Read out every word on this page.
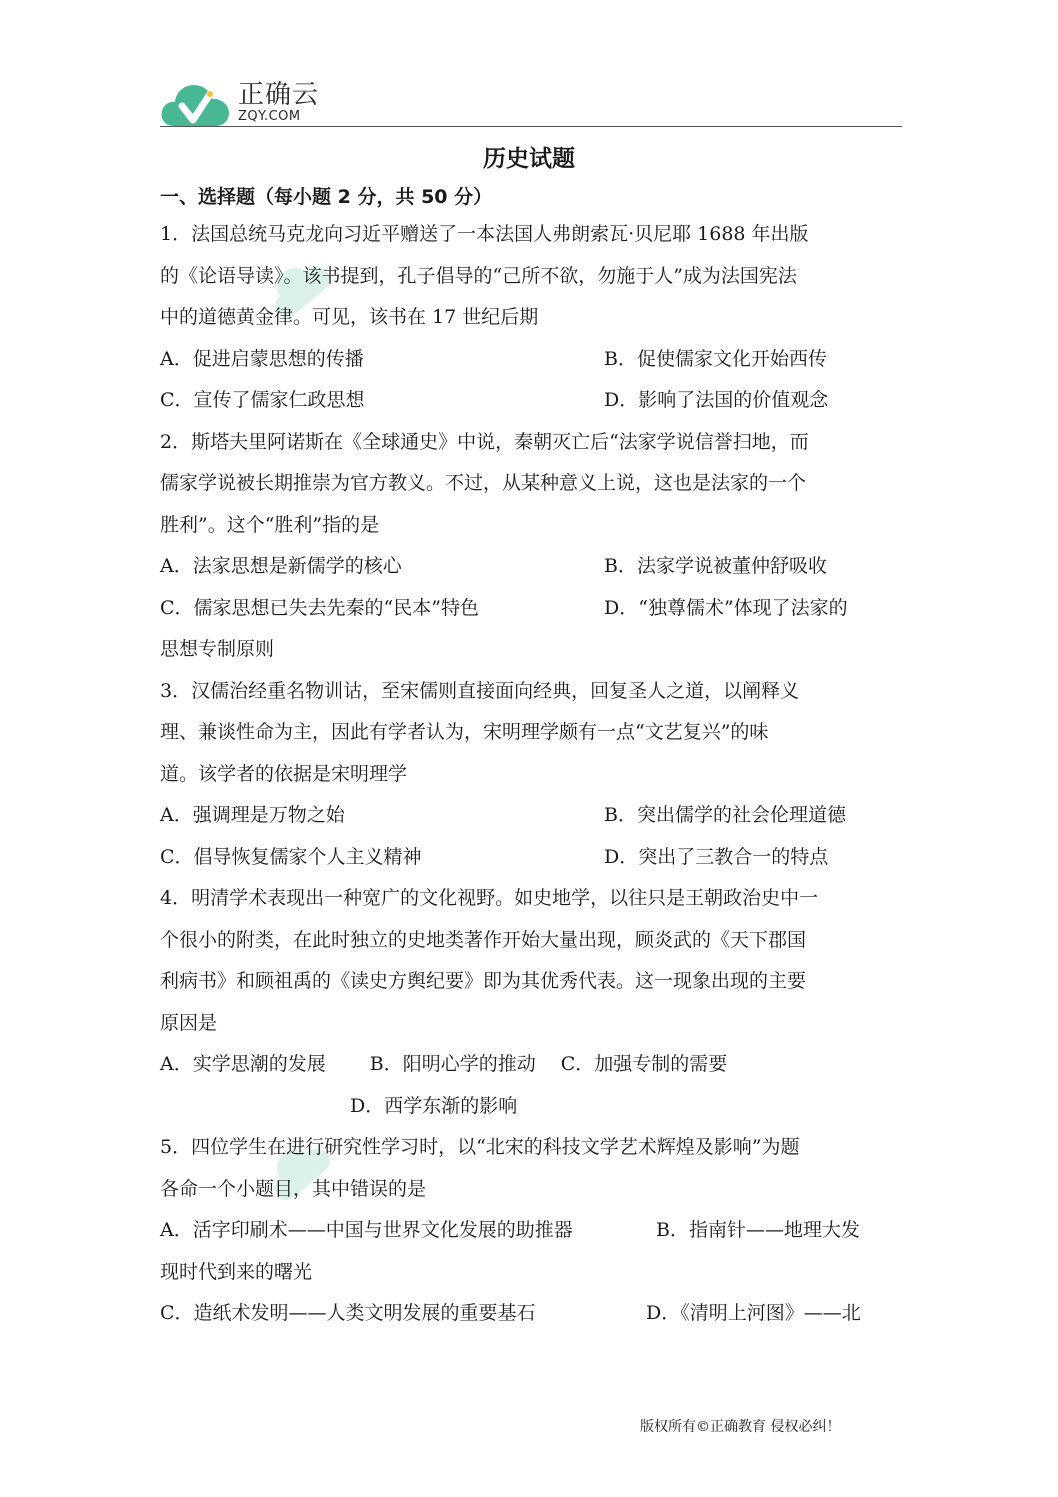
正确云
ZQY.COM
历史试题
一、选择题（每小题 2 分，共 50 分）
1．法国总统马克龙向习近平赠送了一本法国人弗朗索瓦·贝尼耶 1688 年出版
的《论语导读》。该书提到，孔子倡导的“己所不欲，勿施于人”成为法国宪法
中的道德黄金律。可见，该书在 17 世纪后期
A．促进启蒙思想的传播	B．促使儒家文化开始西传
C．宣传了儒家仁政思想	D．影响了法国的价值观念
2．斯塔夫里阿诺斯在《全球通史》中说，秦朝灭亡后“法家学说信誉扫地，而
儒家学说被长期推崇为官方教义。不过，从某种意义上说，这也是法家的一个
胜利”。这个“胜利”指的是
A．法家思想是新儒学的核心	B．法家学说被董仲舒吸收
C．儒家思想已失去先秦的“民本”特色	D．“独尊儒术”体现了法家的
思想专制原则
3．汉儒治经重名物训诂，至宋儒则直接面向经典，回复圣人之道，以阐释义
理、兼谈性命为主，因此有学者认为，宋明理学颇有一点“文艺复兴”的味
道。该学者的依据是宋明理学
A．强调理是万物之始	B．突出儒学的社会伦理道德
C．倡导恢复儒家个人主义精神	D．突出了三教合一的特点
4．明清学术表现出一种宽广的文化视野。如史地学，以往只是王朝政治史中一
个很小的附类，在此时独立的史地类著作开始大量出现，顾炎武的《天下郡国
利病书》和顾祖禹的《读史方舆纪要》即为其优秀代表。这一现象出现的主要
原因是
A．实学思潮的发展　　 B．阳明心学的推动　 C．加强专制的需要
　　　　　　　　　　D．西学东渐的影响
5．四位学生在进行研究性学习时，以“北宋的科技文学艺术辉煌及影响”为题
各命一个小题目，其中错误的是
A．活字印刷术——中国与世界文化发展的助推器	B．指南针——地理大发
现时代到来的曙光
C．造纸术发明——人类文明发展的重要基石	D．《清明上河图》——北
版权所有©正确教育 侵权必纠！
